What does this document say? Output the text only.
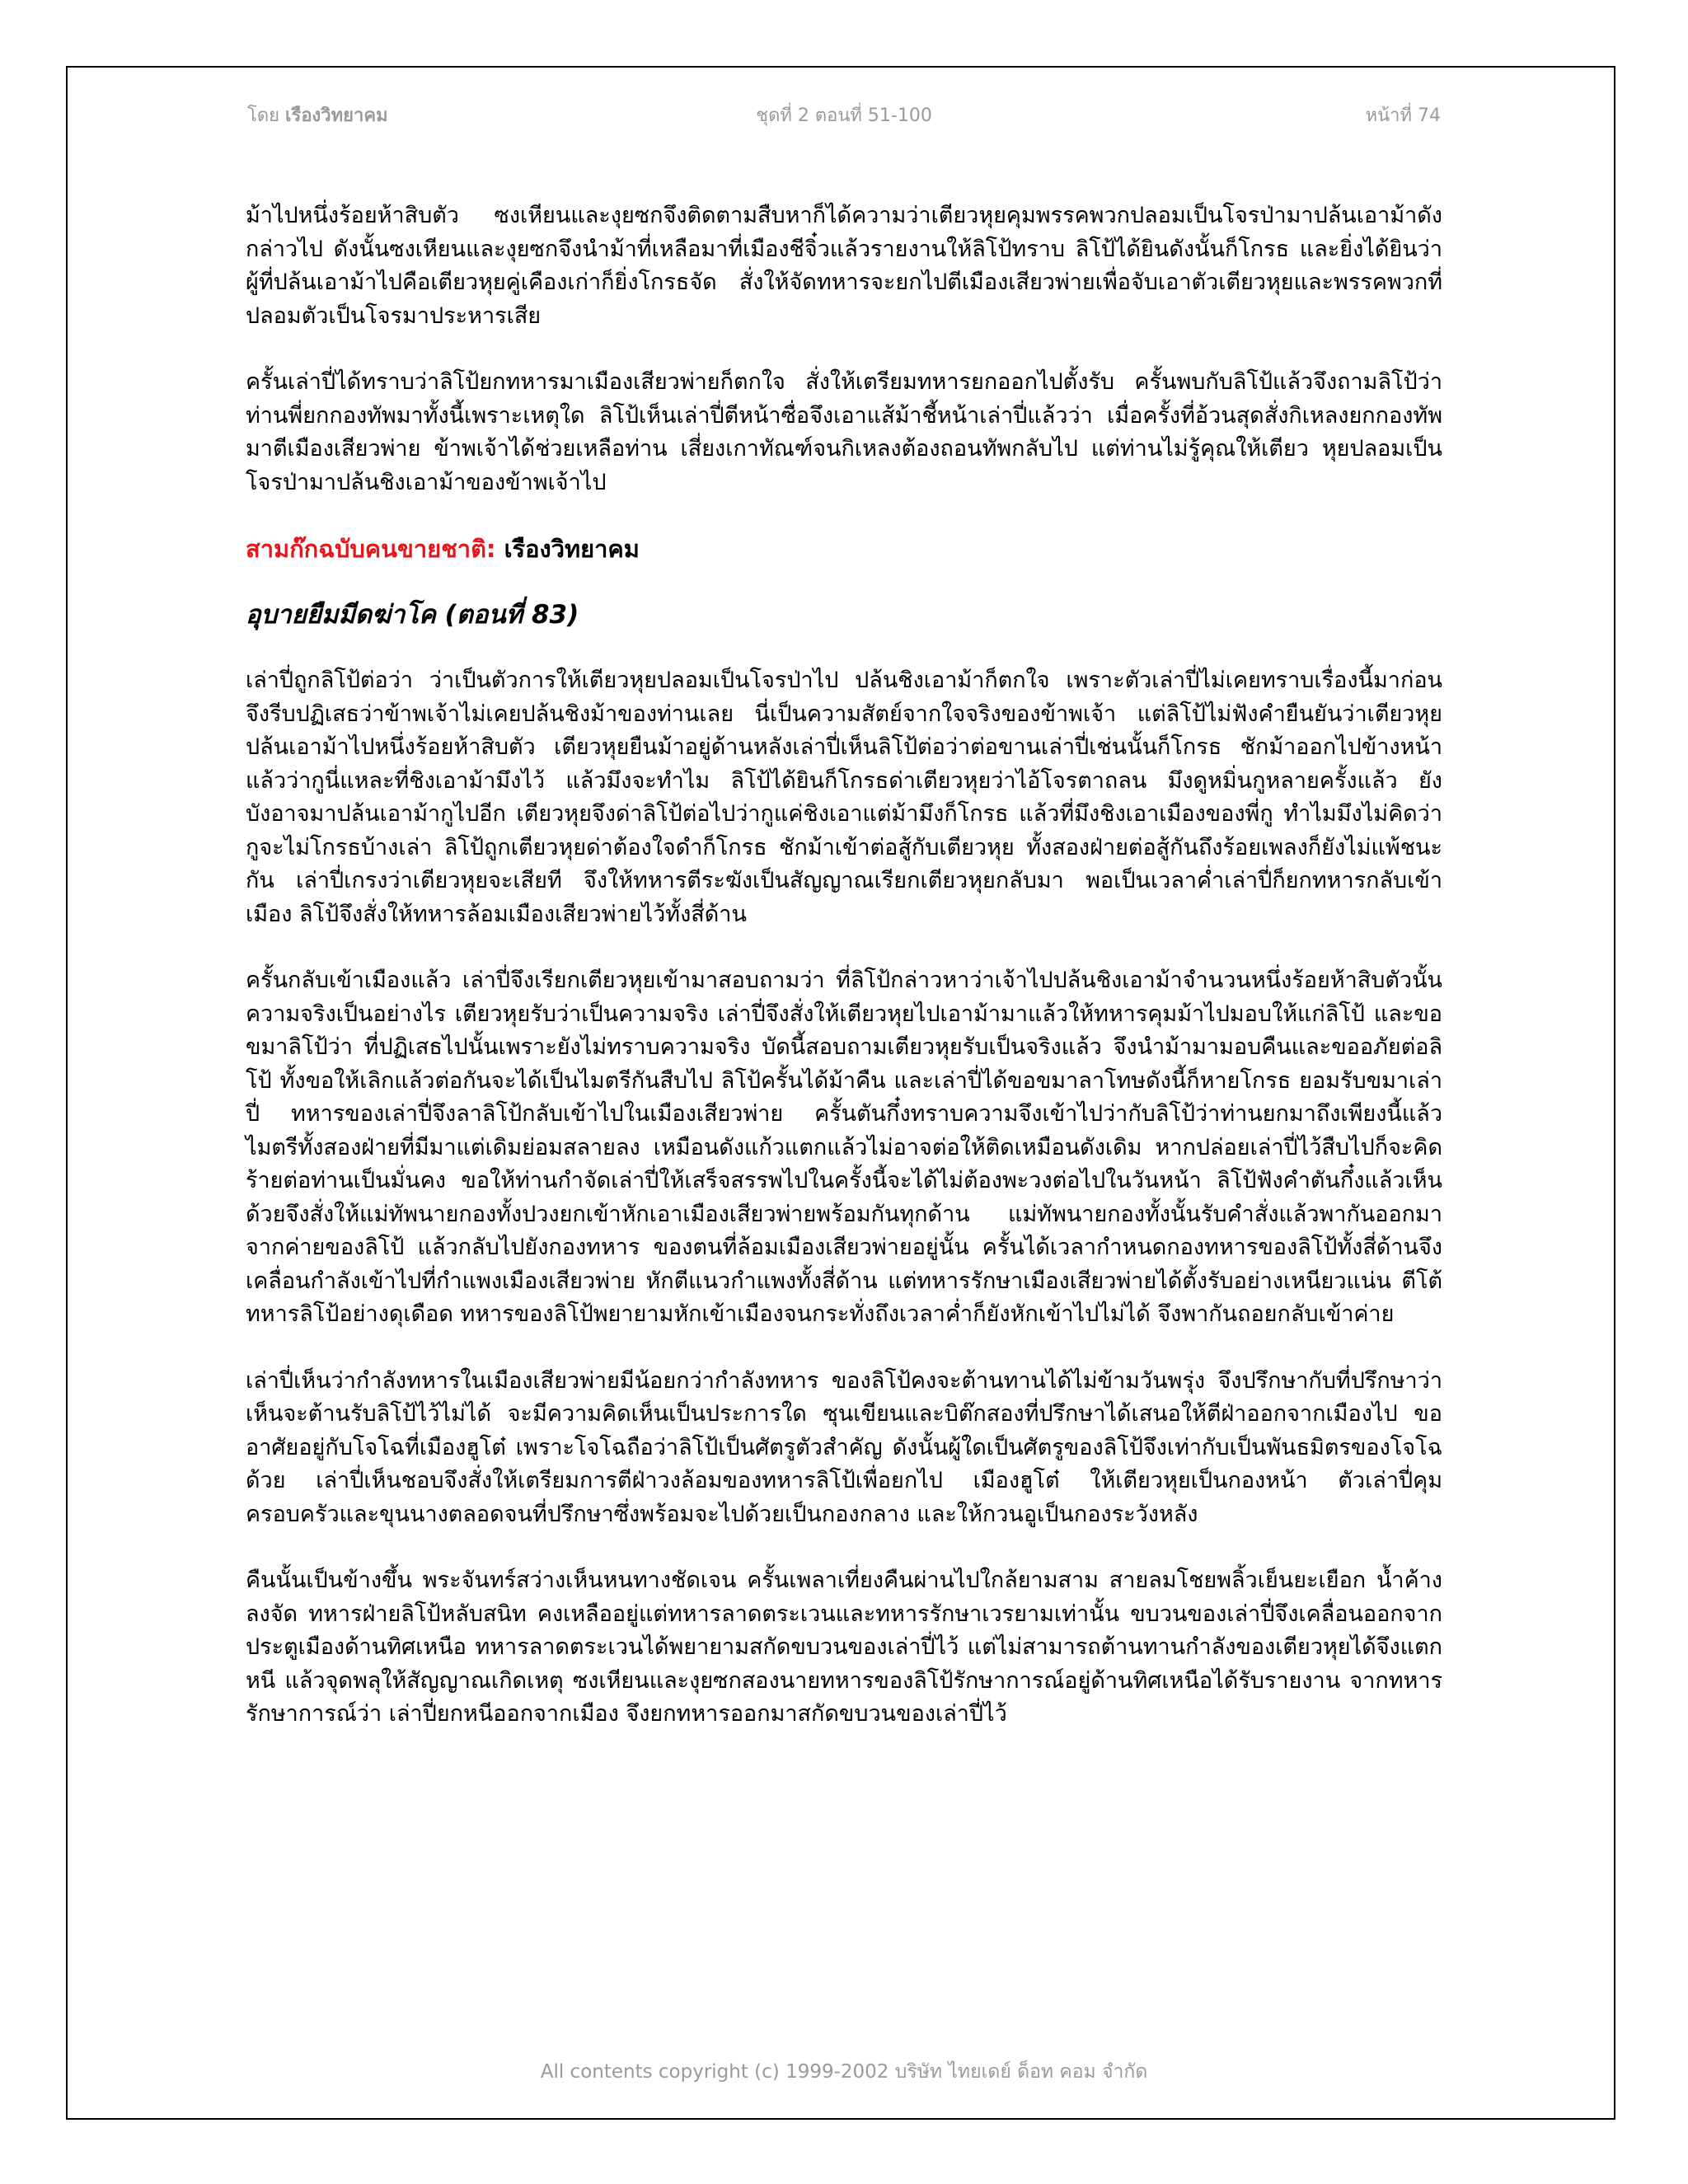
โดย เรืองวิทยาคม	ชุดที่ 2 ตอนที่ 51-100	หน้าที่ 74

ม้าไปหนึ่งร้อยห้าสิบตัว ซงเหียนและงุยซกจึงติดตามสืบหาก็ได้ความว่าเตียวหุยคุมพรรคพวกปลอมเป็นโจรป่ามาปล้นเอาม้าดังกล่าวไป ดังนั้นซงเหียนและงุยซกจึงนำม้าที่เหลือมาที่เมืองชีจิ๋วแล้วรายงานให้ลิโป้ทราบ ลิโป้ได้ยินดังนั้นก็โกรธ และยิ่งได้ยินว่าผู้ที่ปล้นเอาม้าไปคือเตียวหุยคู่เคืองเก่าก็ยิ่งโกรธจัด สั่งให้จัดทหารจะยกไปตีเมืองเสียวพ่ายเพื่อจับเอาตัวเตียวหุยและพรรคพวกที่ปลอมตัวเป็นโจรมาประหารเสีย

ครั้นเล่าปี่ได้ทราบว่าลิโป้ยกทหารมาเมืองเสียวพ่ายก็ตกใจ สั่งให้เตรียมทหารยกออกไปตั้งรับ ครั้นพบกับลิโป้แล้วจึงถามลิโป้ว่า ท่านพี่ยกกองทัพมาทั้งนี้เพราะเหตุใด ลิโป้เห็นเล่าปี่ตีหน้าซื่อจึงเอาแส้ม้าชี้หน้าเล่าปี่แล้วว่า เมื่อครั้งที่อ้วนสุดสั่งกิเหลงยกกองทัพมาตีเมืองเสียวพ่าย ข้าพเจ้าได้ช่วยเหลือท่าน เสี่ยงเกาทัณฑ์จนกิเหลงต้องถอนทัพกลับไป แต่ท่านไม่รู้คุณให้เตียว หุยปลอมเป็นโจรป่ามาปล้นชิงเอาม้าของข้าพเจ้าไป

สามก๊กฉบับคนขายชาติ: เรืองวิทยาคม
อุบายยืมมีดฆ่าโค (ตอนที่ 83)

เล่าปี่ถูกลิโป้ต่อว่า ว่าเป็นตัวการให้เตียวหุยปลอมเป็นโจรป่าไป ปล้นชิงเอาม้าก็ตกใจ เพราะตัวเล่าปี่ไม่เคยทราบเรื่องนี้มาก่อน จึงรีบปฏิเสธว่าข้าพเจ้าไม่เคยปล้นชิงม้าของท่านเลย นี่เป็นความสัตย์จากใจจริงของข้าพเจ้า แต่ลิโป้ไม่ฟังคำยืนยันว่าเตียวหุยปล้นเอาม้าไปหนึ่งร้อยห้าสิบตัว เตียวหุยยืนม้าอยู่ด้านหลังเล่าปี่เห็นลิโป้ต่อว่าต่อขานเล่าปี่เช่นนั้นก็โกรธ ชักม้าออกไปข้างหน้าแล้วว่ากูนี่แหละที่ชิงเอาม้ามึงไว้ แล้วมึงจะทำไม ลิโป้ได้ยินก็โกรธด่าเตียวหุยว่าไอ้โจรตาถลน มึงดูหมิ่นกูหลายครั้งแล้ว ยังบังอาจมาปล้นเอาม้ากูไปอีก เตียวหุยจึงด่าลิโป้ต่อไปว่ากูแค่ชิงเอาแต่ม้ามึงก็โกรธ แล้วที่มึงชิงเอาเมืองของพี่กู ทำไมมึงไม่คิดว่ากูจะไม่โกรธบ้างเล่า ลิโป้ถูกเตียวหุยด่าต้องใจดำก็โกรธ ชักม้าเข้าต่อสู้กับเตียวหุย ทั้งสองฝ่ายต่อสู้กันถึงร้อยเพลงก็ยังไม่แพ้ชนะกัน เล่าปี่เกรงว่าเตียวหุยจะเสียที จึงให้ทหารตีระฆังเป็นสัญญาณเรียกเตียวหุยกลับมา พอเป็นเวลาค่ำเล่าปี่ก็ยกทหารกลับเข้าเมือง ลิโป้จึงสั่งให้ทหารล้อมเมืองเสียวพ่ายไว้ทั้งสี่ด้าน

ครั้นกลับเข้าเมืองแล้ว เล่าปี่จึงเรียกเตียวหุยเข้ามาสอบถามว่า ที่ลิโป้กล่าวหาว่าเจ้าไปปล้นชิงเอาม้าจำนวนหนึ่งร้อยห้าสิบตัวนั้น ความจริงเป็นอย่างไร เตียวหุยรับว่าเป็นความจริง เล่าปี่จึงสั่งให้เตียวหุยไปเอาม้ามาแล้วให้ทหารคุมม้าไปมอบให้แก่ลิโป้ และขอขมาลิโป้ว่า ที่ปฏิเสธไปนั้นเพราะยังไม่ทราบความจริง บัดนี้สอบถามเตียวหุยรับเป็นจริงแล้ว จึงนำม้ามามอบคืนและขออภัยต่อลิโป้ ทั้งขอให้เลิกแล้วต่อกันจะได้เป็นไมตรีกันสืบไป ลิโป้ครั้นได้ม้าคืน และเล่าปี่ได้ขอขมาลาโทษดังนี้ก็หายโกรธ ยอมรับขมาเล่าปี่ ทหารของเล่าปี่จึงลาลิโป้กลับเข้าไปในเมืองเสียวพ่าย ครั้นตันกึ๋งทราบความจึงเข้าไปว่ากับลิโป้ว่าท่านยกมาถึงเพียงนี้แล้ว ไมตรีทั้งสองฝ่ายที่มีมาแต่เดิมย่อมสลายลง เหมือนดังแก้วแตกแล้วไม่อาจต่อให้ติดเหมือนดังเดิม หากปล่อยเล่าปี่ไว้สืบไปก็จะคิดร้ายต่อท่านเป็นมั่นคง ขอให้ท่านกำจัดเล่าปี่ให้เสร็จสรรพไปในครั้งนี้จะได้ไม่ต้องพะวงต่อไปในวันหน้า ลิโป้ฟังคำตันกึ๋งแล้วเห็นด้วยจึงสั่งให้แม่ทัพนายกองทั้งปวงยกเข้าหักเอาเมืองเสียวพ่ายพร้อมกันทุกด้าน แม่ทัพนายกองทั้งนั้นรับคำสั่งแล้วพากันออกมาจากค่ายของลิโป้ แล้วกลับไปยังกองทหาร ของตนที่ล้อมเมืองเสียวพ่ายอยู่นั้น ครั้นได้เวลากำหนดกองทหารของลิโป้ทั้งสี่ด้านจึงเคลื่อนกำลังเข้าไปที่กำแพงเมืองเสียวพ่าย หักตีแนวกำแพงทั้งสี่ด้าน แต่ทหารรักษาเมืองเสียวพ่ายได้ตั้งรับอย่างเหนียวแน่น ตีโต้ทหารลิโป้อย่างดุเดือด ทหารของลิโป้พยายามหักเข้าเมืองจนกระทั่งถึงเวลาค่ำก็ยังหักเข้าไปไม่ได้ จึงพากันถอยกลับเข้าค่าย

เล่าปี่เห็นว่ากำลังทหารในเมืองเสียวพ่ายมีน้อยกว่ากำลังทหาร ของลิโป้คงจะต้านทานได้ไม่ข้ามวันพรุ่ง จึงปรึกษากับที่ปรึกษาว่าเห็นจะต้านรับลิโป้ไว้ไม่ได้ จะมีความคิดเห็นเป็นประการใด ซุนเขียนและบิต๊กสองที่ปรึกษาได้เสนอให้ตีฝ่าออกจากเมืองไป ขออาศัยอยู่กับโจโฉที่เมืองฮูโต๋ เพราะโจโฉถือว่าลิโป้เป็นศัตรูตัวสำคัญ ดังนั้นผู้ใดเป็นศัตรูของลิโป้จึงเท่ากับเป็นพันธมิตรของโจโฉด้วย เล่าปี่เห็นชอบจึงสั่งให้เตรียมการตีฝ่าวงล้อมของทหารลิโป้เพื่อยกไป เมืองฮูโต๋ ให้เตียวหุยเป็นกองหน้า ตัวเล่าปี่คุมครอบครัวและขุนนางตลอดจนที่ปรึกษาซึ่งพร้อมจะไปด้วยเป็นกองกลาง และให้กวนอูเป็นกองระวังหลัง

คืนนั้นเป็นข้างขึ้น พระจันทร์สว่างเห็นหนทางชัดเจน ครั้นเพลาเที่ยงคืนผ่านไปใกล้ยามสาม สายลมโชยพลิ้วเย็นยะเยือก น้ำค้างลงจัด ทหารฝ่ายลิโป้หลับสนิท คงเหลืออยู่แต่ทหารลาดตระเวนและทหารรักษาเวรยามเท่านั้น ขบวนของเล่าปี่จึงเคลื่อนออกจากประตูเมืองด้านทิศเหนือ ทหารลาดตระเวนได้พยายามสกัดขบวนของเล่าปี่ไว้ แต่ไม่สามารถต้านทานกำลังของเตียวหุยได้จึงแตกหนี แล้วจุดพลุให้สัญญาณเกิดเหตุ ซงเหียนและงุยซกสองนายทหารของลิโป้รักษาการณ์อยู่ด้านทิศเหนือได้รับรายงาน จากทหารรักษาการณ์ว่า เล่าปี่ยกหนีออกจากเมือง จึงยกทหารออกมาสกัดขบวนของเล่าปี่ไว้

All contents copyright (c) 1999-2002 บริษัท ไทยเดย์ ด็อท คอม จำกัด
